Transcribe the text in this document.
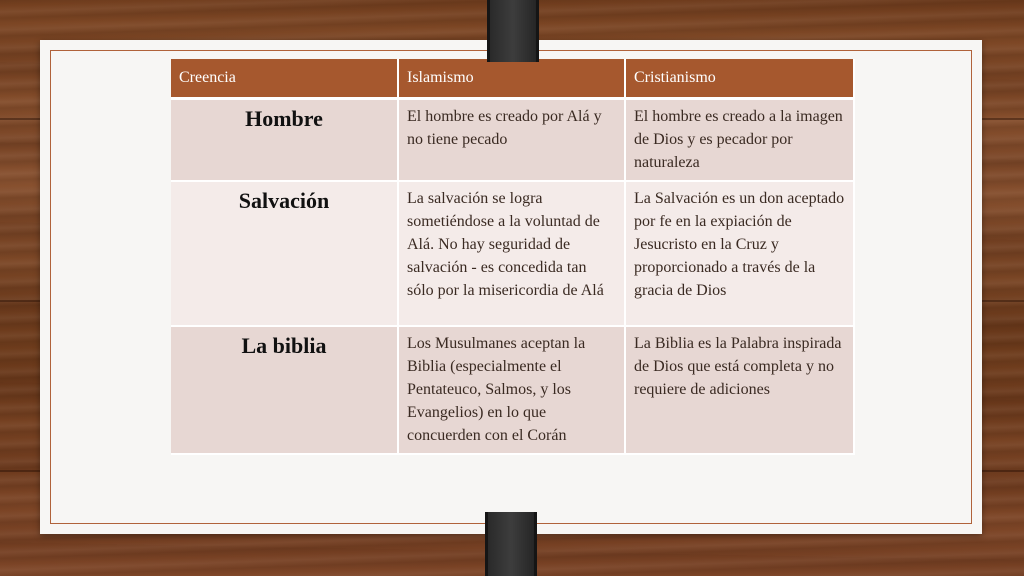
Creencia	Islamismo	Cristianismo
Hombre	El hombre es creado por Alá y no tiene pecado	El hombre es creado a la imagen de Dios y es pecador por naturaleza
Salvación	La salvación se logra sometiéndose a la voluntad de Alá. No hay seguridad de salvación - es concedida tan sólo por la misericordia de Alá	La Salvación es un don aceptado por fe en la expiación de Jesucristo en la Cruz y proporcionado a través de la gracia de Dios
La biblia	Los Musulmanes aceptan la Biblia (especialmente el Pentateuco, Salmos, y los Evangelios) en lo que concuerden con el Corán	La Biblia es la Palabra inspirada de Dios que está completa y no requiere de adiciones
